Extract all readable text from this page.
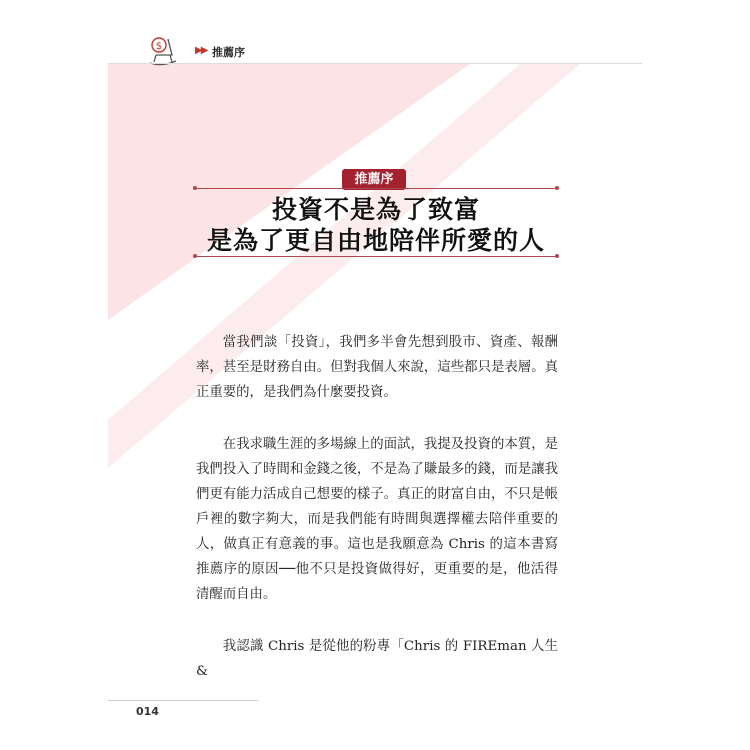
$	▶▶ 推薦序
推薦序
投資不是為了致富
是為了更自由地陪伴所愛的人

當我們談「投資」，我們多半會先想到股市、資產、報酬率，甚至是財務自由。但對我個人來說，這些都只是表層。真正重要的，是我們為什麼要投資。

在我求職生涯的多場線上的面試，我提及投資的本質，是我們投入了時間和金錢之後，不是為了賺最多的錢，而是讓我們更有能力活成自己想要的樣子。真正的財富自由，不只是帳戶裡的數字夠大，而是我們能有時間與選擇權去陪伴重要的人，做真正有意義的事。這也是我願意為 Chris 的這本書寫推薦序的原因──他不只是投資做得好，更重要的是，他活得清醒而自由。

我認識 Chris 是從他的粉專「Chris 的 FIREman 人生 &

014
